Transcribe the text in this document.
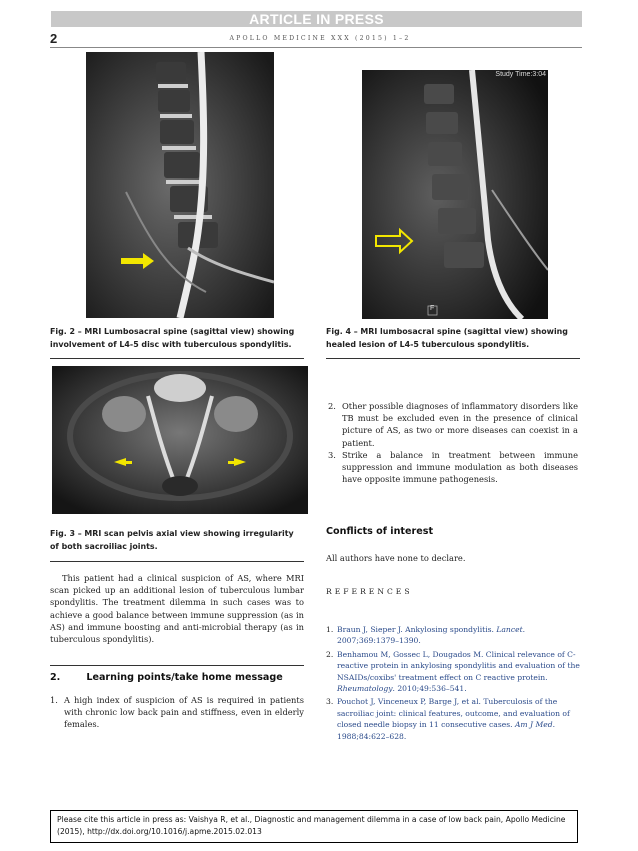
ARTICLE IN PRESS
2	APOLLO MEDICINE XXX (2015) 1–2
Study Time:3:04
F
Fig. 2 – MRI Lumbosacral spine (sagittal view) showing involvement of L4-5 disc with tuberculous spondylitis.
Fig. 4 – MRI lumbosacral spine (sagittal view) showing healed lesion of L4-5 tuberculous spondylitis.
Fig. 3 – MRI scan pelvis axial view showing irregularity of both sacroiliac joints.
This patient had a clinical suspicion of AS, where MRI scan picked up an additional lesion of tuberculous lumbar spondylitis. The treatment dilemma in such cases was to achieve a good balance between immune suppression (as in AS) and immune boosting and anti-microbial therapy (as in tuberculous spondylitis).
2.	Learning points/take home message
1. A high index of suspicion of AS is required in patients with chronic low back pain and stiffness, even in elderly females.
2. Other possible diagnoses of inflammatory disorders like TB must be excluded even in the presence of clinical picture of AS, as two or more diseases can coexist in a patient.
3. Strike a balance in treatment between immune suppression and immune modulation as both diseases have opposite immune pathogenesis.
Conflicts of interest
All authors have none to declare.
REFERENCES
1. Braun J, Sieper J. Ankylosing spondylitis. Lancet. 2007;369:1379–1390.
2. Benhamou M, Gossec L, Dougados M. Clinical relevance of C-reactive protein in ankylosing spondylitis and evaluation of the NSAIDs/coxibs' treatment effect on C reactive protein. Rheumatology. 2010;49:536–541.
3. Pouchot J, Vinceneux P, Barge J, et al. Tuberculosis of the sacroiliac joint: clinical features, outcome, and evaluation of closed needle biopsy in 11 consecutive cases. Am J Med. 1988;84:622–628.
Please cite this article in press as: Vaishya R, et al., Diagnostic and management dilemma in a case of low back pain, Apollo Medicine (2015), http://dx.doi.org/10.1016/j.apme.2015.02.013
